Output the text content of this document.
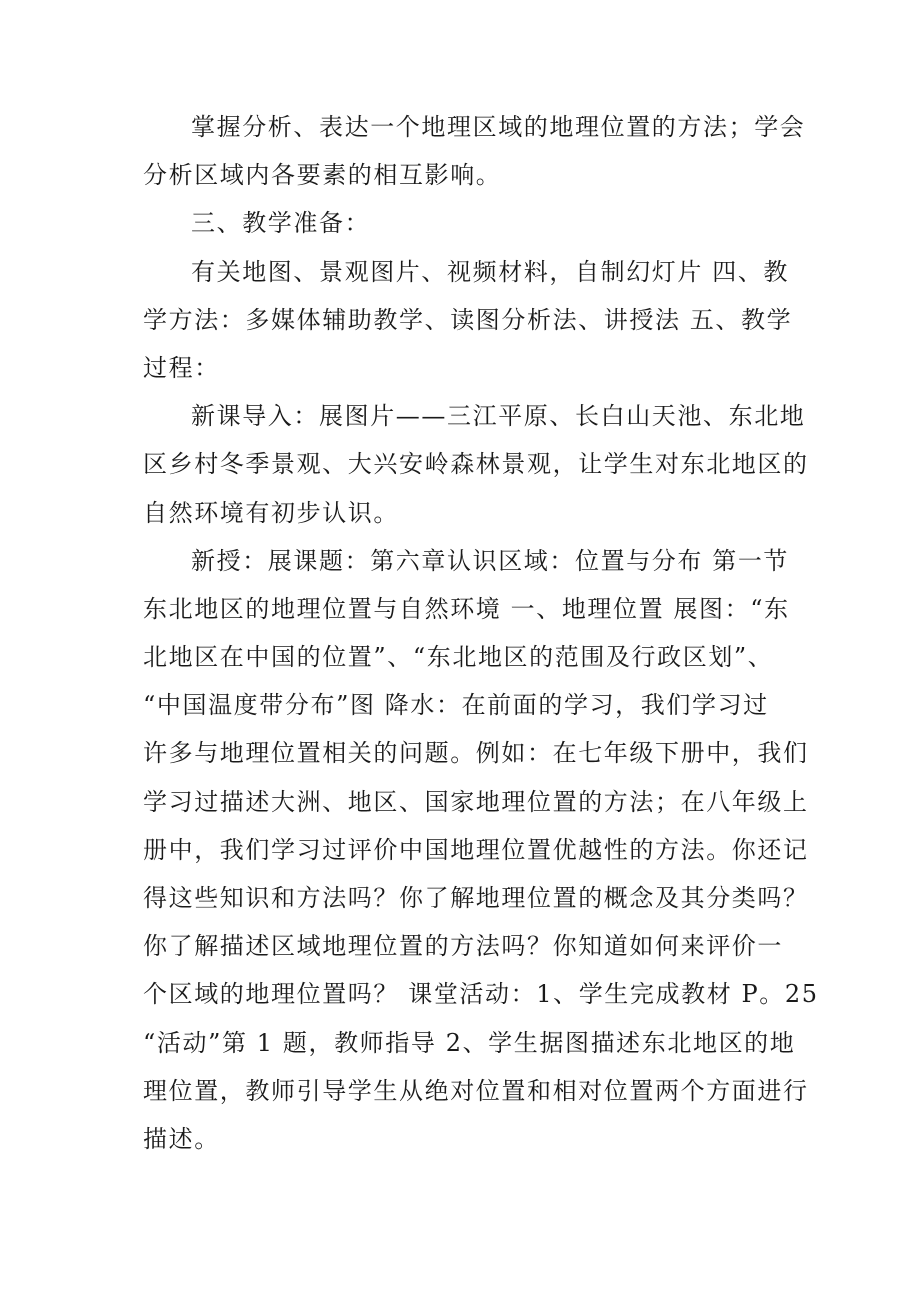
掌握分析、表达一个地理区域的地理位置的方法；学会
分析区域内各要素的相互影响。
三、教学准备：
有关地图、景观图片、视频材料，自制幻灯片 四、教
学方法：多媒体辅助教学、读图分析法、讲授法 五、教学
过程：
新课导入：展图片——三江平原、长白山天池、东北地
区乡村冬季景观、大兴安岭森林景观，让学生对东北地区的
自然环境有初步认识。
新授：展课题：第六章认识区域：位置与分布 第一节
东北地区的地理位置与自然环境 一、地理位置 展图：“东
北地区在中国的位置”、“东北地区的范围及行政区划”、
“中国温度带分布”图 降水：在前面的学习，我们学习过
许多与地理位置相关的问题。例如：在七年级下册中，我们
学习过描述大洲、地区、国家地理位置的方法；在八年级上
册中，我们学习过评价中国地理位置优越性的方法。你还记
得这些知识和方法吗？你了解地理位置的概念及其分类吗？
你了解描述区域地理位置的方法吗？你知道如何来评价一
个区域的地理位置吗？ 课堂活动：1、学生完成教材 P。25
“活动”第 1 题，教师指导 2、学生据图描述东北地区的地
理位置，教师引导学生从绝对位置和相对位置两个方面进行
描述。
